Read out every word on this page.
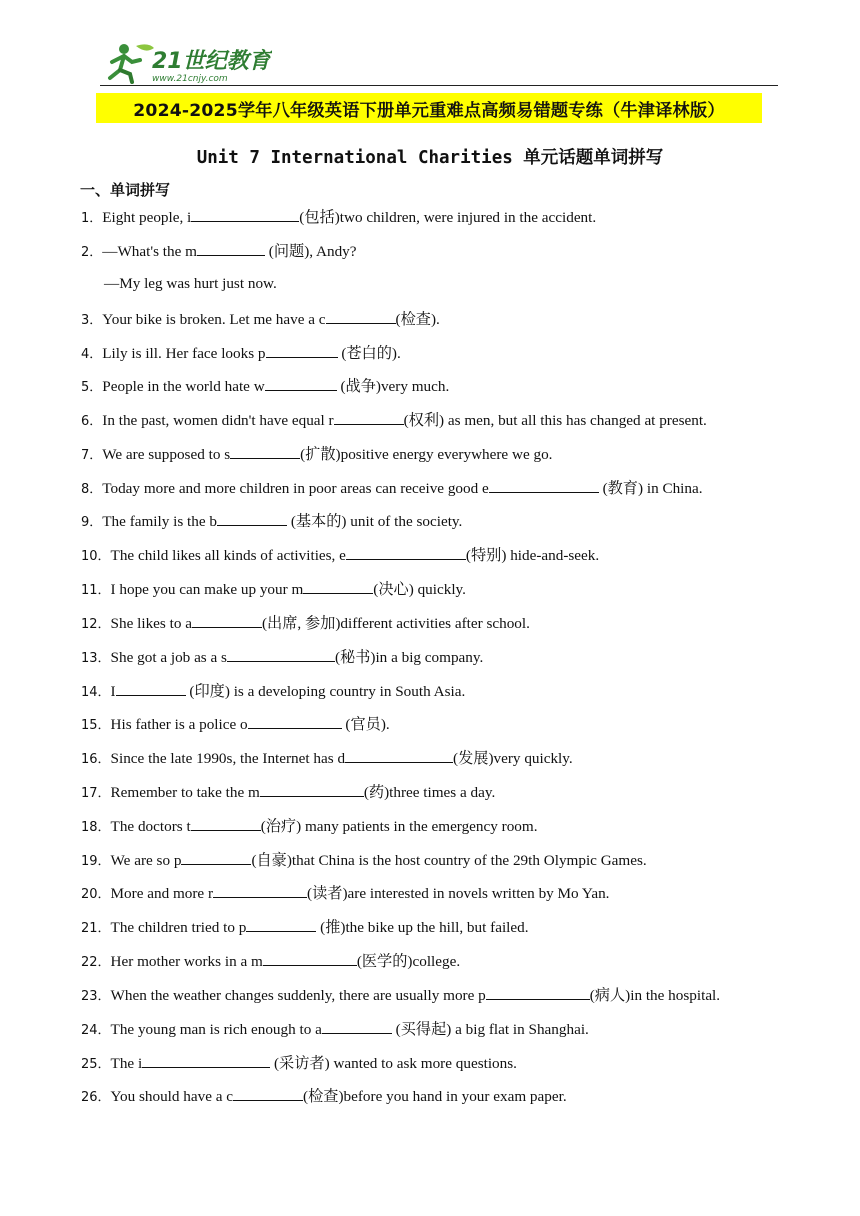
21世纪教育
www.21cnjy.com
2024-2025学年八年级英语下册单元重难点高频易错题专练（牛津译林版）
Unit 7 International Charities 单元话题单词拼写
一、单词拼写
1．Eight people, i	(包括)two children, were injured in the accident.
2．—What's the m	(问题), Andy?
3．Your bike is broken. Let me have a c	(检查).
4．Lily is ill. Her face looks p	(苍白的).
5．People in the world hate w	(战争)very much.
6．In the past, women didn't have equal r	(权利) as men, but all this has changed at present.
7．We are supposed to s	(扩散)positive energy everywhere we go.
8．Today more and more children in poor areas can receive good e	(教育) in China.
9．The family is the b	(基本的) unit of the society.
10．The child likes all kinds of activities, e	(特别) hide-and-seek.
11．I hope you can make up your m	(决心) quickly.
12．She likes to a	(出席, 参加)different activities after school.
13．She got a job as a s	(秘书)in a big company.
14．I	(印度) is a developing country in South Asia.
15．His father is a police o	(官员).
16．Since the late 1990s, the Internet has d	(发展)very quickly.
17．Remember to take the m	(药)three times a day.
18．The doctors t	(治疗) many patients in the emergency room.
19．We are so p	(自豪)that China is the host country of the 29th Olympic Games.
20．More and more r	(读者)are interested in novels written by Mo Yan.
21．The children tried to p	(推)the bike up the hill, but failed.
22．Her mother works in a m	(医学的)college.
23．When the weather changes suddenly, there are usually more p	(病人)in the hospital.
24．The young man is rich enough to a	(买得起) a big flat in Shanghai.
25．The i	(采访者) wanted to ask more questions.
26．You should have a c	(检查)before you hand in your exam paper.
—My leg was hurt just now.
